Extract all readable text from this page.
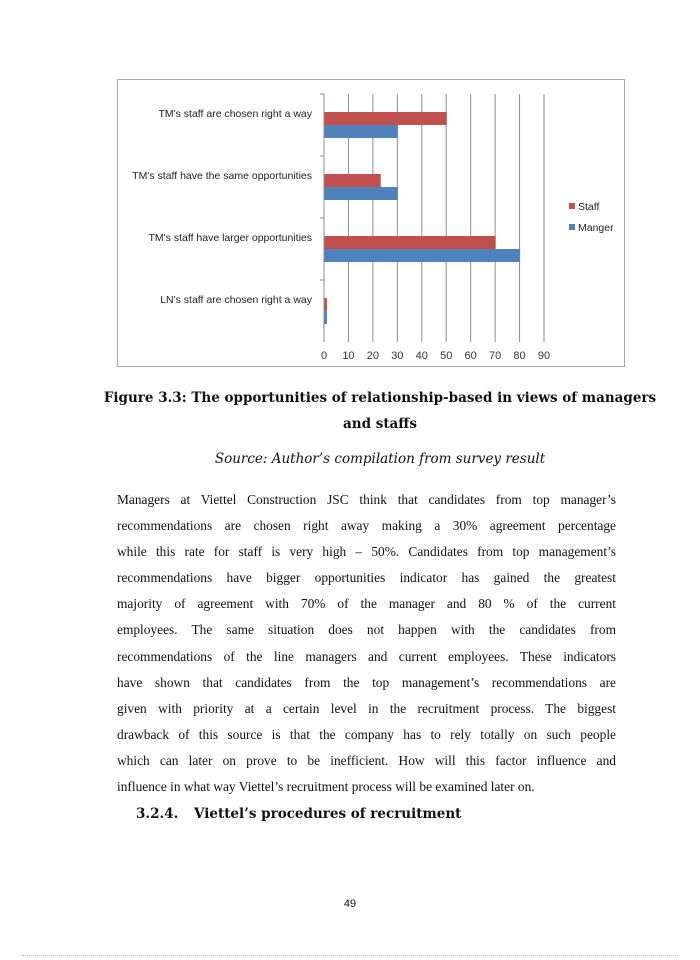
0 10 20 30 40 50 60 70 80 90
TM's staff are chosen right a way
TM's staff have the same opportunities
TM's staff have larger opportunities
LN's staff are chosen right a way
Staff
Manger
Figure 3.3: The opportunities of relationship-based in views of managers
and staffs
Source: Author’s compilation from survey result
Managers at Viettel Construction JSC think that candidates from top manager’s
recommendations are chosen right away making a 30% agreement percentage
while this rate for staff is very high – 50%. Candidates from top management’s
recommendations have bigger opportunities indicator has gained the greatest
majority of agreement with 70% of the manager and 80 % of the current
employees. The same situation does not happen with the candidates from
recommendations of the line managers and current employees. These indicators
have shown that candidates from the top management’s recommendations are
given with priority at a certain level in the recruitment process. The biggest
drawback of this source is that the company has to rely totally on such people
which can later on prove to be inefficient. How will this factor influence and
influence in what way Viettel’s recruitment process will be examined later on.
3.2.4. Viettel’s procedures of recruitment
49
